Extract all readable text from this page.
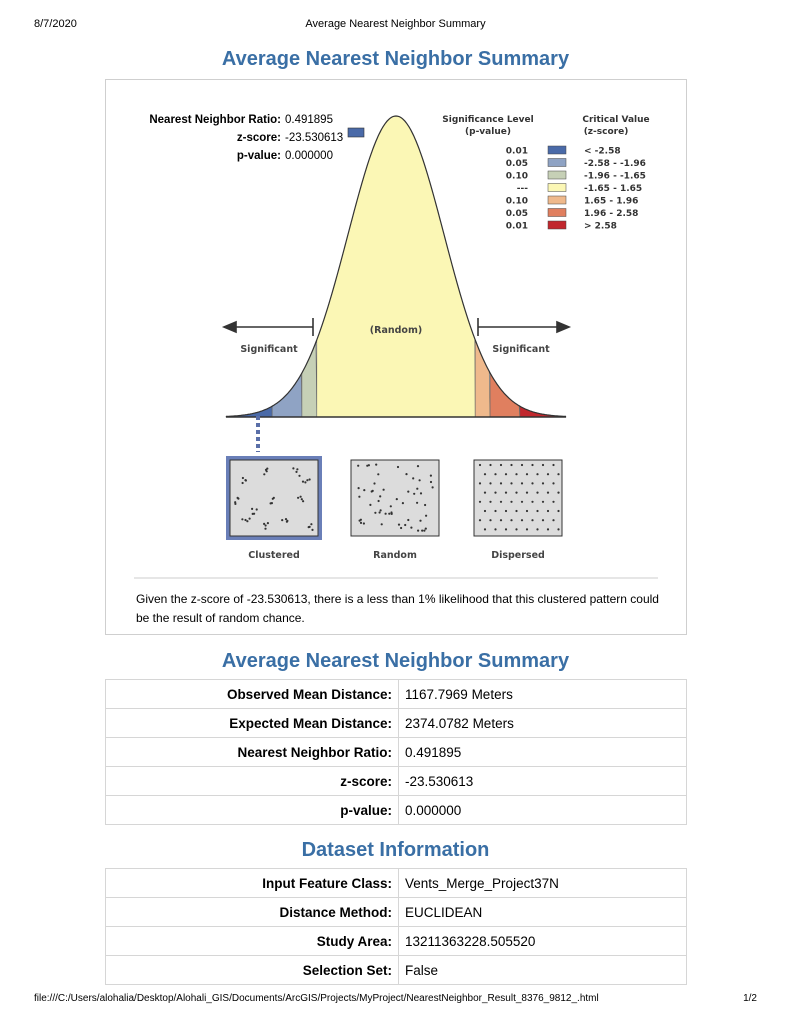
8/7/2020	Average Nearest Neighbor Summary
Average Nearest Neighbor Summary
(Random)
Significant	Significant
Significance Level
(p-value)
Critical Value
(z-score)
0.01	< -2.58
0.05	-2.58 - -1.96
0.10	-1.96 - -1.65
---	-1.65 - 1.65
0.10	1.65 - 1.96
0.05	1.96 - 2.58
0.01	> 2.58
Clustered	Random	Dispersed
Nearest Neighbor Ratio: 0.491895
z-score: -23.530613
p-value: 0.000000
Given the z-score of -23.530613, there is a less than 1% likelihood that this clustered pattern could be the result of random chance.
Average Nearest Neighbor Summary
Observed Mean Distance:	1167.7969 Meters
Expected Mean Distance:	2374.0782 Meters
Nearest Neighbor Ratio:	0.491895
z-score:	-23.530613
p-value:	0.000000
Dataset Information
Input Feature Class:	Vents_Merge_Project37N
Distance Method:	EUCLIDEAN
Study Area:	13211363228.505520
Selection Set:	False
file:///C:/Users/alohalia/Desktop/Alohali_GIS/Documents/ArcGIS/Projects/MyProject/NearestNeighbor_Result_8376_9812_.html	1/2
